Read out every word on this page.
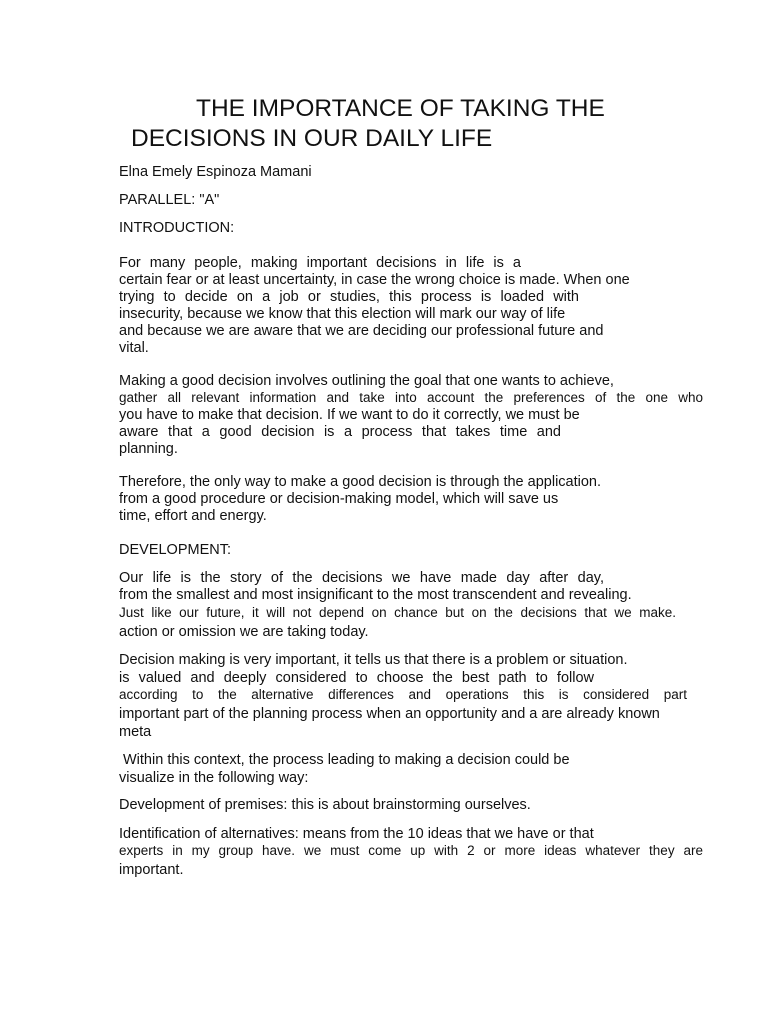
THE IMPORTANCE OF TAKING THE
DECISIONS IN OUR DAILY LIFE

Elna Emely Espinoza Mamani

PARALLEL: "A"

INTRODUCTION:

For many people, making important decisions in life is a
certain fear or at least uncertainty, in case the wrong choice is made. When one
trying to decide on a job or studies, this process is loaded with
insecurity, because we know that this election will mark our way of life
and because we are aware that we are deciding our professional future and
vital.
Making a good decision involves outlining the goal that one wants to achieve,
gather all relevant information and take into account the preferences of the one who
you have to make that decision. If we want to do it correctly, we must be
aware that a good decision is a process that takes time and
planning.
Therefore, the only way to make a good decision is through the application.
from a good procedure or decision-making model, which will save us
time, effort and energy.

DEVELOPMENT:

Our life is the story of the decisions we have made day after day,
from the smallest and most insignificant to the most transcendent and revealing.
Just like our future, it will not depend on chance but on the decisions that we make.
action or omission we are taking today.
Decision making is very important, it tells us that there is a problem or situation.
is valued and deeply considered to choose the best path to follow
according to the alternative differences and operations this is considered part
important part of the planning process when an opportunity and a are already known
meta
Within this context, the process leading to making a decision could be
visualize in the following way:
Development of premises: this is about brainstorming ourselves.
Identification of alternatives: means from the 10 ideas that we have or that
experts in my group have. we must come up with 2 or more ideas whatever they are
important.
